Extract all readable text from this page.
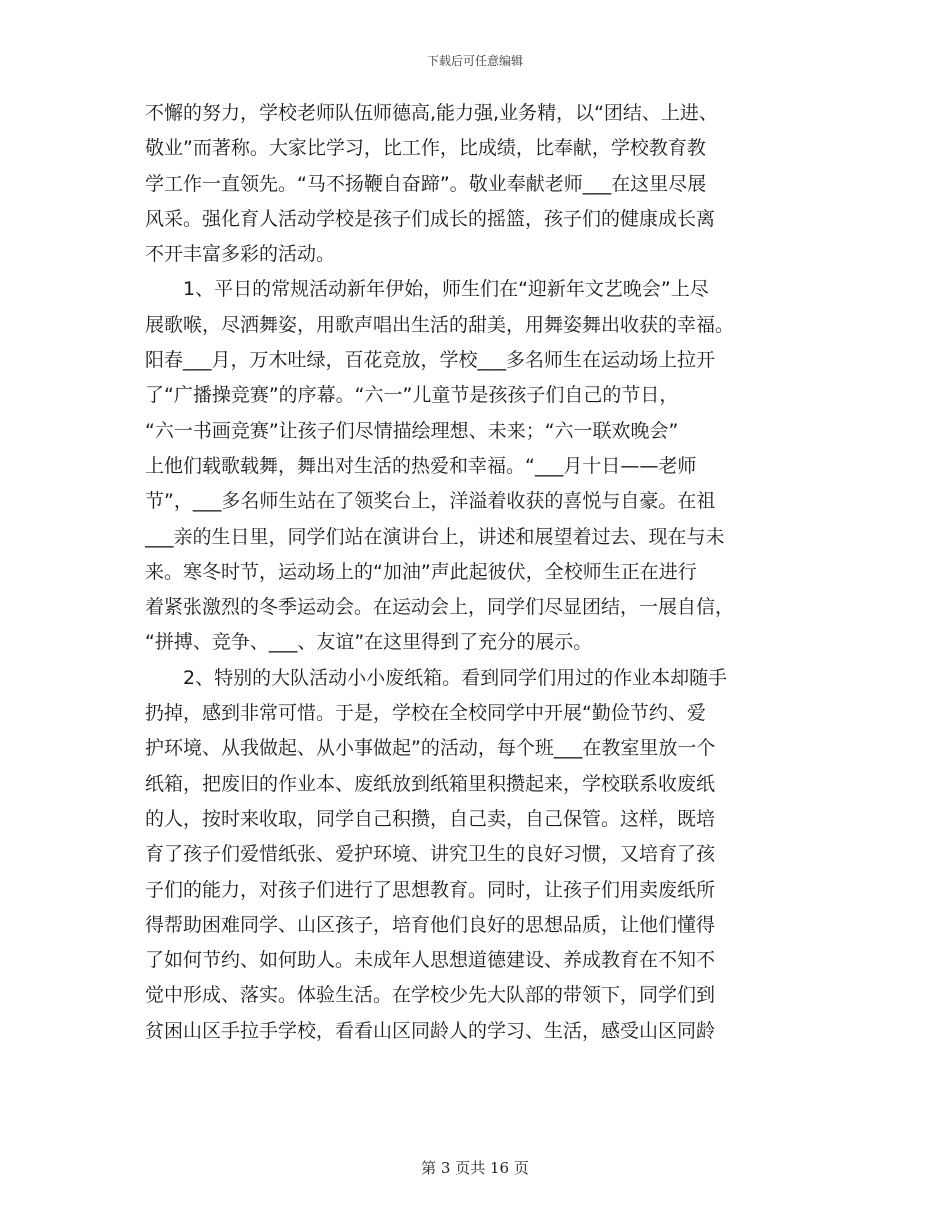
下载后可任意编辑
不懈的努力，学校老师队伍师德高,能力强,业务精，以“团结、上进、
敬业”而著称。大家比学习，比工作，比成绩，比奉献，学校教育教
学工作一直领先。“马不扬鞭自奋蹄”。敬业奉献老师___在这里尽展
风采。强化育人活动学校是孩子们成长的摇篮，孩子们的健康成长离
不开丰富多彩的活动。
　　1、平日的常规活动新年伊始，师生们在“迎新年文艺晚会”上尽
展歌喉，尽洒舞姿，用歌声唱出生活的甜美，用舞姿舞出收获的幸福。
阳春___月，万木吐绿，百花竞放，学校___多名师生在运动场上拉开
了“广播操竞赛”的序幕。“六一”儿童节是孩孩子们自己的节日，
“六一书画竞赛”让孩子们尽情描绘理想、未来；“六一联欢晚会”
上他们载歌载舞，舞出对生活的热爱和幸福。“___月十日——老师
节”，___多名师生站在了领奖台上，洋溢着收获的喜悦与自豪。在祖
___亲的生日里，同学们站在演讲台上，讲述和展望着过去、现在与未
来。寒冬时节，运动场上的“加油”声此起彼伏，全校师生正在进行
着紧张激烈的冬季运动会。在运动会上，同学们尽显团结，一展自信，
“拼搏、竞争、___、友谊”在这里得到了充分的展示。
　　2、特别的大队活动小小废纸箱。看到同学们用过的作业本却随手
扔掉，感到非常可惜。于是，学校在全校同学中开展“勤俭节约、爱
护环境、从我做起、从小事做起”的活动，每个班___在教室里放一个
纸箱，把废旧的作业本、废纸放到纸箱里积攒起来，学校联系收废纸
的人，按时来收取，同学自己积攒，自己卖，自己保管。这样，既培
育了孩子们爱惜纸张、爱护环境、讲究卫生的良好习惯，又培育了孩
子们的能力，对孩子们进行了思想教育。同时，让孩子们用卖废纸所
得帮助困难同学、山区孩子，培育他们良好的思想品质，让他们懂得
了如何节约、如何助人。未成年人思想道德建设、养成教育在不知不
觉中形成、落实。体验生活。在学校少先大队部的带领下，同学们到
贫困山区手拉手学校，看看山区同龄人的学习、生活，感受山区同龄
第 3 页共 16 页
